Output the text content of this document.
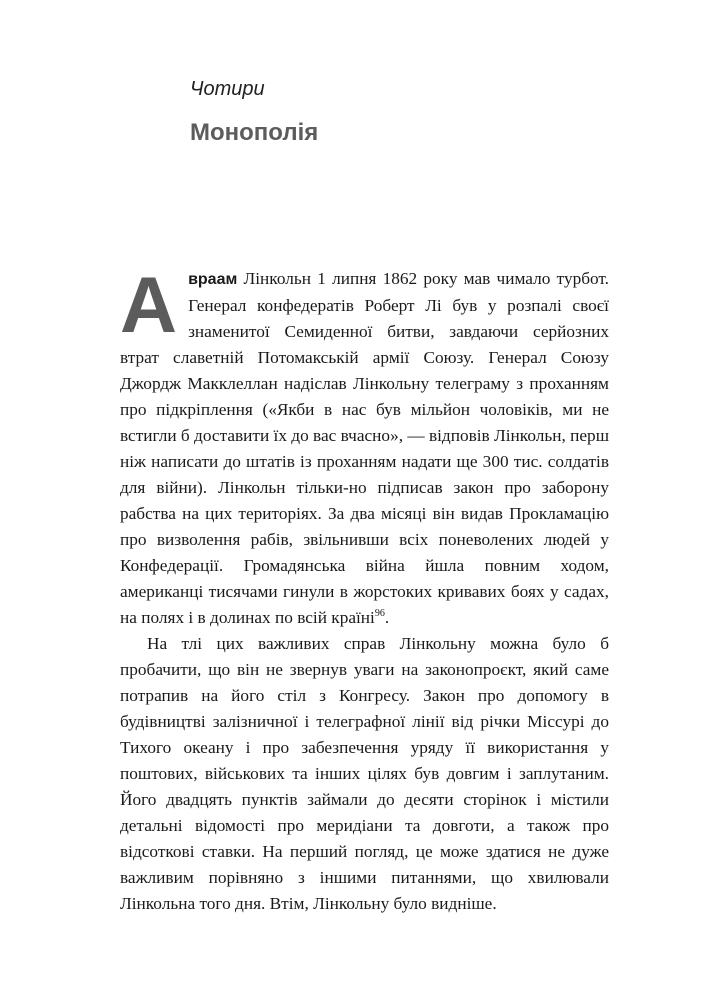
Чотири
Монополія

Авраам Лінкольн 1 липня 1862 року мав чимало турбот. Генерал конфедератів Роберт Лі був у розпалі своєї знаменитої Семиденної битви, завдаючи серйозних втрат славетній Потомакській армії Союзу. Генерал Союзу Джордж Макклеллан надіслав Лінкольну телеграму з проханням про підкріплення («Якби в нас був мільйон чоловіків, ми не встигли б доставити їх до вас вчасно», — відповів Лінкольн, перш ніж написати до штатів із проханням надати ще 300 тис. солдатів для війни). Лінкольн тільки-но підписав закон про заборону рабства на цих територіях. За два місяці він видав Прокламацію про визволення рабів, звільнивши всіх поневолених людей у Конфедерації. Громадянська війна йшла повним ходом, американці тисячами гинули в жорстоких кривавих боях у садах, на полях і в долинах по всій країні$^{96}$.

На тлі цих важливих справ Лінкольну можна було б пробачити, що він не звернув уваги на законопроєкт, який саме потрапив на його стіл з Конгресу. Закон про допомогу в будівництві залізничної і телеграфної лінії від річки Міссурі до Тихого океану і про забезпечення уряду її використання у поштових, військових та інших цілях був довгим і заплутаним. Його двадцять пунктів займали до десяти сторінок і містили детальні відомості про меридіани та довготи, а також про відсоткові ставки. На перший погляд, це може здатися не дуже важливим порівняно з іншими питаннями, що хвилювали Лінкольна того дня. Втім, Лінкольну було видніше.
